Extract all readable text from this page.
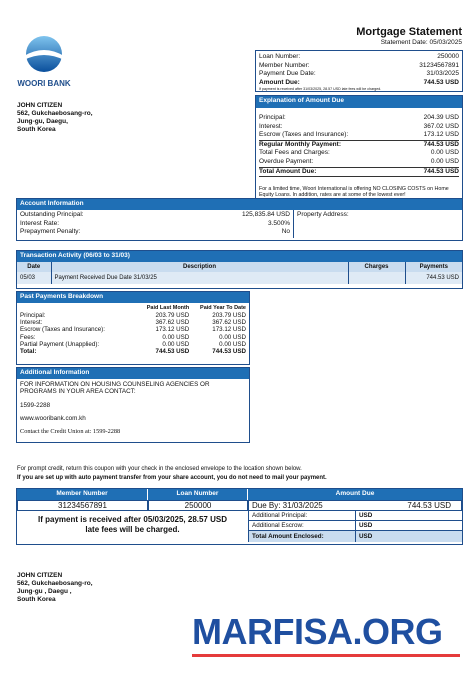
WOORI BANK
JOHN CITIZEN
562, Gukchaebosang-ro,
Jung-gu, Daegu,
South Korea
Mortgage Statement
Statement Date: 05/03/2025
Loan Number:	250000
Member Number:	31234567891
Payment Due Date:	31/03/2025
Amount Due:	744.53 USD
If payment is received after 31/03/2025, 28.57 USD late fees will be charged.
Explanation of Amount Due
Principal:	204.39 USD
Interest:	367.02 USD
Escrow (Taxes and Insurance):	173.12 USD
Regular Monthly Payment:	744.53 USD
Total Fees and Charges:	0.00 USD
Overdue Payment:	0.00 USD
Total Amount Due:	744.53 USD
For a limited time, Woori International is offering NO CLOSING COSTS on Home Equity Loans. In addition, rates are at some of the lowest ever!
Account Information
Outstanding Principal:	125,835.84 USD
Interest Rate:	3.500%
Prepayment Penalty:	No
Property Address:
Transaction Activity (06/03 to 31/03)
Date	Description	Charges	Payments
05/03	Payment Received Due Date 31/03/25		744.53 USD
Past Payments Breakdown
Paid Last Month	Paid Year To Date
Principal:	203.79 USD	203.79 USD
Interest:	367.62 USD	367.62 USD
Escrow (Taxes and Insurance):	173.12 USD	173.12 USD
Fees:	0.00 USD	0.00 USD
Partial Payment (Unapplied):	0.00 USD	0.00 USD
Total:	744.53 USD	744.53 USD
Additional Information
FOR INFORMATION ON HOUSING COUNSELING AGENCIES OR PROGRAMS IN YOUR AREA CONTACT:
1599-2288
www.wooribank.com.kh
Contact the Credit Union at: 1599-2288
For prompt credit, return this coupon with your check in the enclosed envelope to the location shown below.
If you are set up with auto payment transfer from your share account, you do not need to mail your payment.
Member Number	Loan Number	Amount Due
31234567891	250000	Due By: 31/03/2025	744.53 USD
If payment is received after 05/03/2025, 28.57 USD late fees will be charged.
Additional Principal:	USD
Additional Escrow:	USD
Total Amount Enclosed:	USD
JOHN CITIZEN
562, Gukchaebosang-ro,
Jung-gu , Daegu ,
South Korea
MARFISA.ORG
